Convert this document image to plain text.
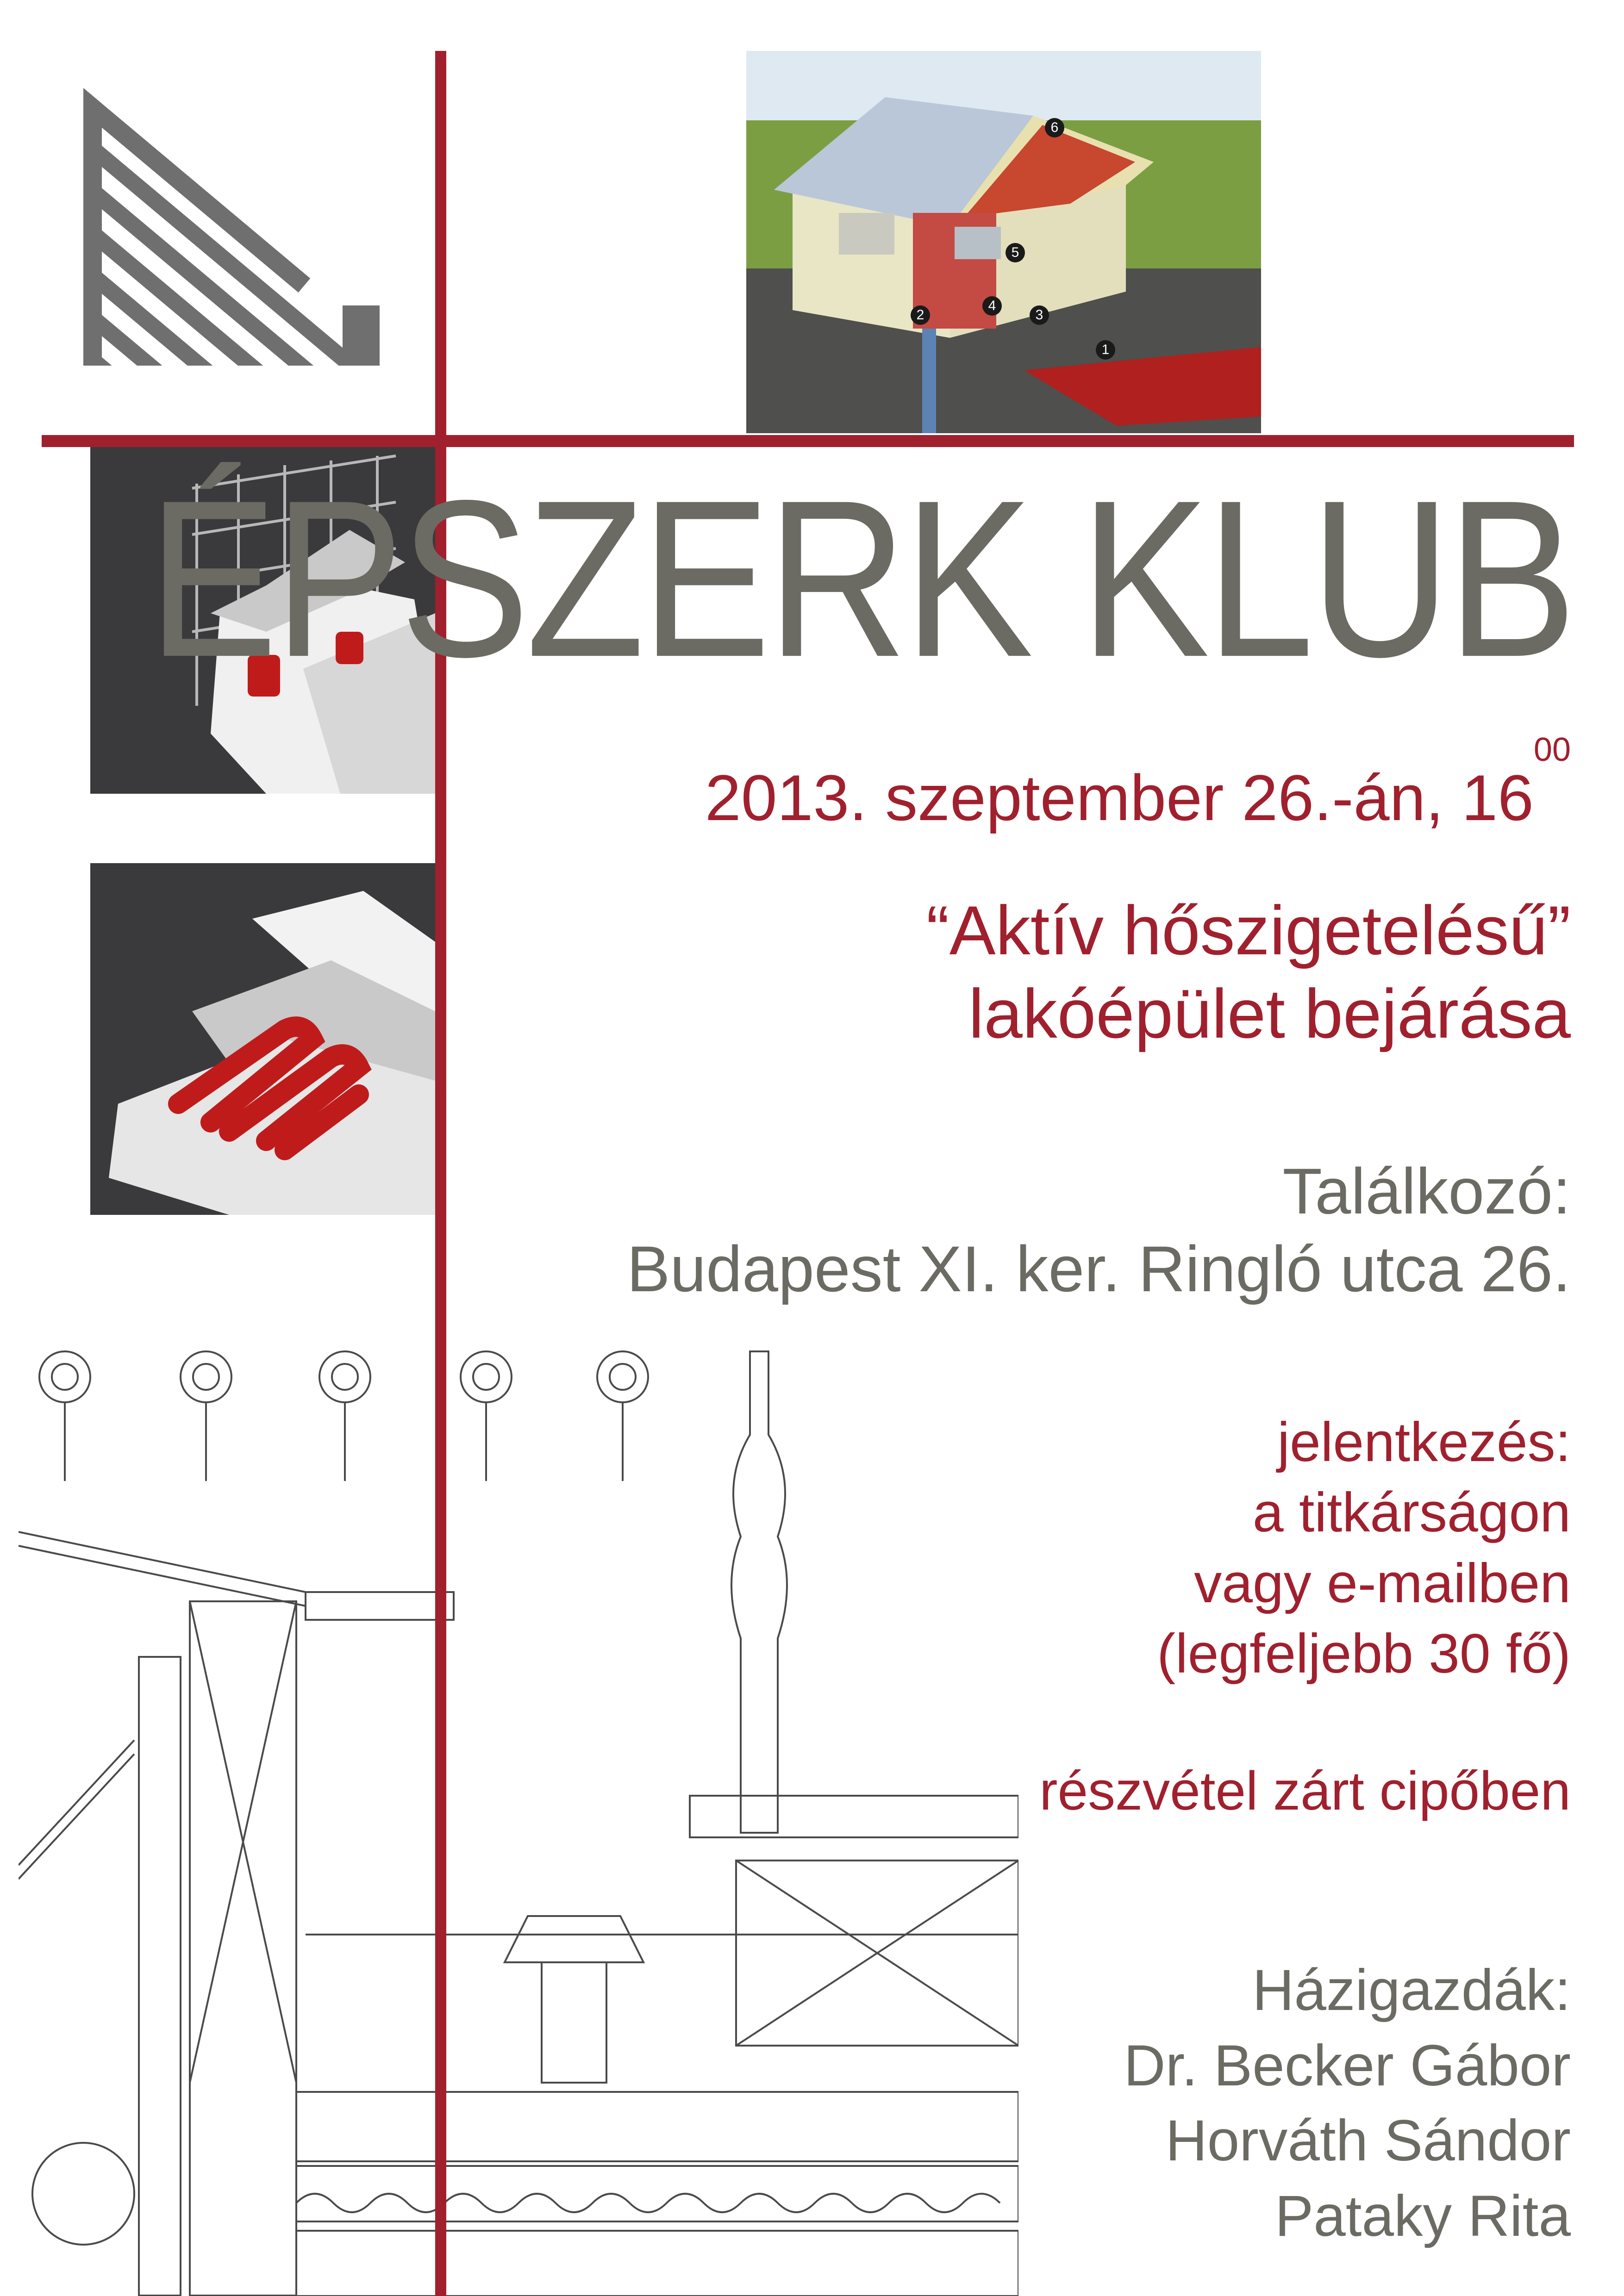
6
5
4
3
2
1
ÉPSZERK KLUB
2013. szeptember 26.-án, $16^{00}$
“Aktív hőszigetelésű”
lakóépület bejárása
Találkozó:
Budapest XI. ker. Ringló utca 26.
jelentkezés:
a titkárságon
vagy e-mailben
(legfeljebb 30 fő)
részvétel zárt cipőben
Házigazdák:
Dr. Becker Gábor
Horváth Sándor
Pataky Rita
